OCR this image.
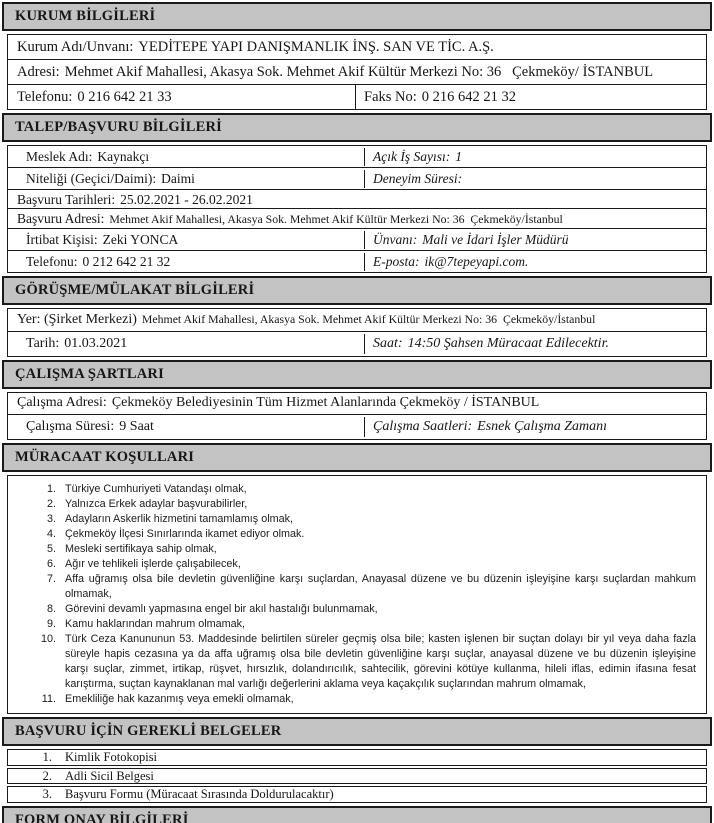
KURUM BİLGİLERİ
Kurum Adı/Unvanı: YEDİTEPE YAPI DANIŞMANLIK İNŞ. SAN VE TİC. A.Ş.
Adresi: Mehmet Akif Mahallesi, Akasya Sok. Mehmet Akif Kültür Merkezi No: 36   Çekmeköy/ İSTANBUL
Telefonu: 0 216 642 21 33	Faks No: 0 216 642 21 32
TALEP/BAŞVURU BİLGİLERİ
Meslek Adı: Kaynakçı	Açık İş Sayısı: 1
Niteliği (Geçici/Daimi): Daimi	Deneyim Süresi:
Başvuru Tarihleri: 25.02.2021 - 26.02.2021
Başvuru Adresi: Mehmet Akif Mahallesi, Akasya Sok. Mehmet Akif Kültür Merkezi No: 36  Çekmeköy/İstanbul
İrtibat Kişisi: Zeki YONCA	Ünvanı: Mali ve İdari İşler Müdürü
Telefonu: 0 212 642 21 32	E-posta: ik@7tepeyapi.com.
GÖRÜŞME/MÜLAKAT BİLGİLERİ
Yer: (Şirket Merkezi) Mehmet Akif Mahallesi, Akasya Sok. Mehmet Akif Kültür Merkezi No: 36  Çekmeköy/İstanbul
Tarih: 01.03.2021	Saat: 14:50 Şahsen Müracaat Edilecektir.
ÇALIŞMA ŞARTLARI
Çalışma Adresi: Çekmeköy Belediyesinin Tüm Hizmet Alanlarında Çekmeköy / İSTANBUL
Çalışma Süresi: 9 Saat	Çalışma Saatleri: Esnek Çalışma Zamanı
MÜRACAAT KOŞULLARI
1. Türkiye Cumhuriyeti Vatandaşı olmak,
2. Yalnızca Erkek adaylar başvurabilirler,
3. Adayların Askerlik hizmetini tamamlamış olmak,
4. Çekmeköy İlçesi Sınırlarında ikamet ediyor olmak.
5. Mesleki sertifikaya sahip olmak,
6. Ağır ve tehlikeli işlerde çalışabilecek,
7. Affa uğramış olsa bile devletin güvenliğine karşı suçlardan, Anayasal düzene ve bu düzenin işleyişine karşı suçlardan mahkum olmamak,
8. Görevini devamlı yapmasına engel bir akıl hastalığı bulunmamak,
9. Kamu haklarından mahrum olmamak,
10. Türk Ceza Kanununun 53. Maddesinde belirtilen süreler geçmiş olsa bile; kasten işlenen bir suçtan dolayı bir yıl veya daha fazla süreyle hapis cezasına ya da affa uğramış olsa bile devletin güvenliğine karşı suçlar, anayasal düzene ve bu düzenin işleyişine karşı suçlar, zimmet, irtikap, rüşvet, hırsızlık, dolandırıcılık, sahtecilik, görevini kötüye kullanma, hileli iflas, edimin ifasına fesat karıştırma, suçtan kaynaklanan mal varlığı değerlerini aklama veya kaçakçılık suçlarından mahrum olmamak,
11. Emekliliğe hak kazanmış veya emekli olmamak,
BAŞVURU İÇİN GEREKLİ BELGELER
1. Kimlik Fotokopisi
2. Adli Sicil Belgesi
3. Başvuru Formu (Müracaat Sırasında Doldurulacaktır)
FORM ONAY BİLGİLERİ
